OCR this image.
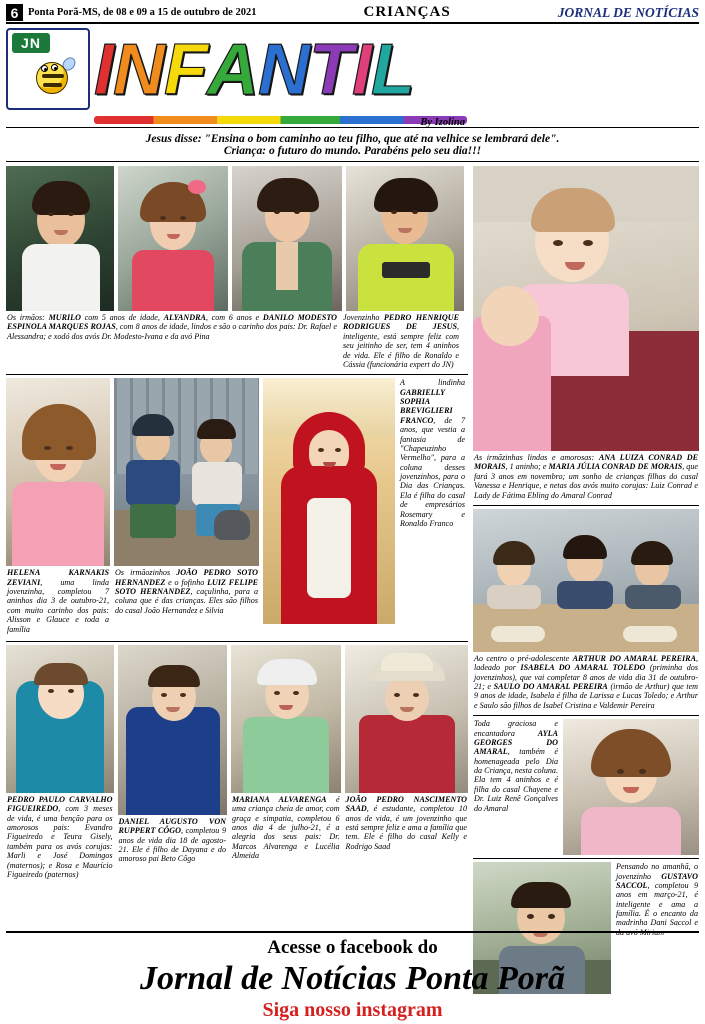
6 Ponta Porã-MS, de 08 e 09 a 15 de outubro de 2021	CRIANÇAS	JORNAL DE NOTÍCIAS
JN I N F A N T I L
By Izolina
Jesus disse: "Ensina o bom caminho ao teu filho, que até na velhice se lembrará dele".
Criança: o futuro do mundo. Parabéns pelo seu dia!!!
Os irmãos: MURILO com 5 anos de idade, ALYANDRA, com 6 anos e DANILO MODESTO ESPINOLA MARQUES ROJAS, com 8 anos de idade, lindos e são o carinho dos pais: Dr. Rafael e Alessandra; e xodó dos avós Dr. Modesto-Ivana e da avó Pina
Jovenzinho PEDRO HENRIQUE RODRIGUES DE JESUS, inteligente, está sempre feliz com seu jeitinho de ser, tem 4 aninhos de vida. Ele é filho de Ronaldo e Cássia (funcionária expert do JN)
HELENA KARNAKIS ZEVIANI, uma linda jovenzinha, completou 7 aninhos dia 3 de outubro-21, com muito carinho dos pais: Alisson e Glauce e toda a família
Os irmãozinhos JOÃO PEDRO SOTO HERNANDEZ e o fofinho LUIZ FELIPE SOTO HERNANDEZ, caçulinha, para a coluna que é das crianças. Eles são filhos do casal João Hernandez e Silvia
A lindinha GABRIELLY SOPHIA BREVIGLIERI FRANCO, de 7 anos, que vestia a fantasia de "Chapeuzinho Vermelho", para a coluna desses jovenzinhos, para o Dia das Crianças. Ela é filha do casal de empresários Rosemary e Ronaldo Franco
PEDRO PAULO CARVALHO FIGUEIREDO, com 3 meses de vida, é uma benção para os amorosos pais: Evandro Figueiredo e Teura Gisely, também para os avós corujas: Marli e José Domingos (maternos); e Rosa e Maurício Figueiredo (paternos)
DANIEL AUGUSTO VON RUPPERT CÔGO, completou 9 anos de vida dia 18 de agosto-21. Ele é filho de Dayana e do amoroso pai Beto Côgo
MARIANA ALVARENGA é uma criança cheia de amor, com graça e simpatia, completou 6 anos dia 4 de julho-21, é a alegria dos seus pais: Dr. Marcos Alvarenga e Lucélia Almeida
JOÃO PEDRO NASCIMENTO SAAD, é estudante, completou 10 anos de vida, é um jovenzinho que está sempre feliz e ama a família que tem. Ele é filho do casal Kelly e Rodrigo Saad
As irmãzinhas lindas e amorosas: ANA LUIZA CONRAD DE MORAIS, 1 aninho; e MARIA JÚLIA CONRAD DE MORAIS, que fará 3 anos em novembro; um sonho de crianças filhas do casal Vanessa e Henrique, e netas dos avós muito corujas: Luiz Conrad e Lady de Fátima Ebling do Amaral Conrad
Ao centro o pré-adolescente ARTHUR DO AMARAL PEREIRA, ladeado por ISABELA DO AMARAL TOLEDO (priminha dos jovenzinhos), que vai completar 8 anos de vida dia 31 de outubro-21; e SAULO DO AMARAL PEREIRA (irmão de Arthur) que tem 9 anos de idade, Isabela é filha de Larissa e Lucas Toledo; e Arthur e Saulo são filhos de Isabel Cristina e Valdemir Pereira
Toda graciosa e encantadora	AYLA GEORGES DO AMARAL, também é homenageada pelo Dia da Criança, nesta coluna. Ela tem 4 aninhos e é filha do casal Chayene e Dr. Luiz Renê Gonçalves do Amaral
Pensando no amanhã, o jovenzinho GUSTAVO SACCOL, completou 9 anos em março-21, é inteligente e ama a família. É o encanto da madrinha Dani Saccol e da avó Miriam
Acesse o facebook do
Jornal de Notícias Ponta Porã
Siga nosso instagram
